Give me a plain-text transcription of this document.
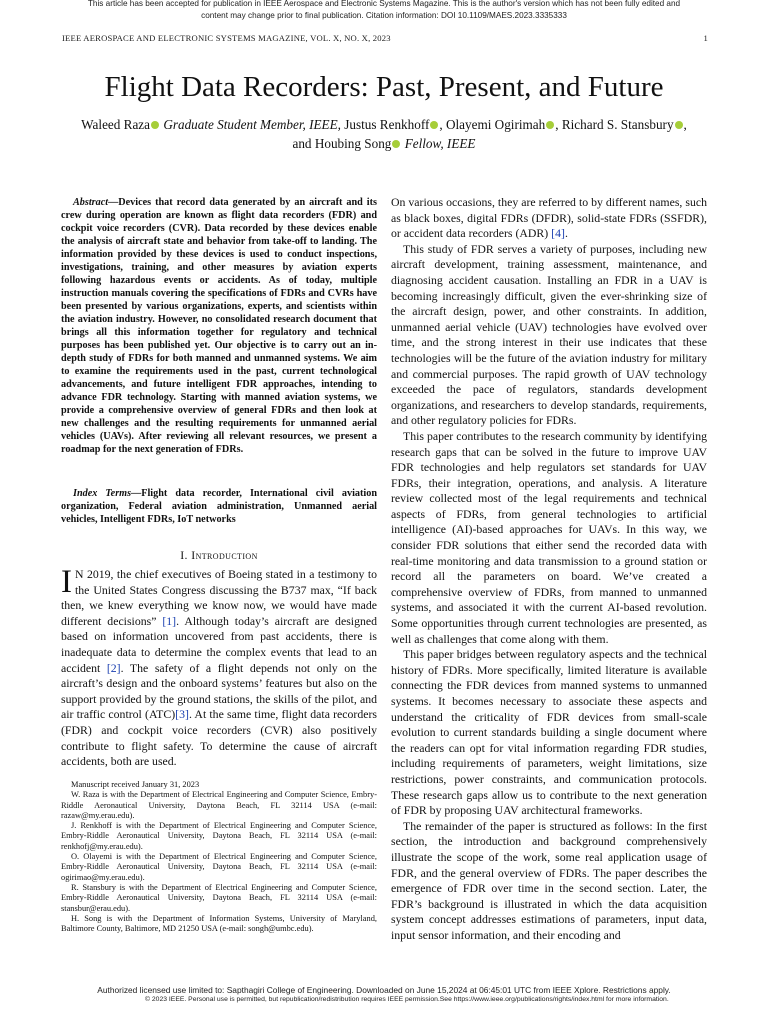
This article has been accepted for publication in IEEE Aerospace and Electronic Systems Magazine. This is the author's version which has not been fully edited and
content may change prior to final publication. Citation information: DOI 10.1109/MAES.2023.3335333
IEEE AEROSPACE AND ELECTRONIC SYSTEMS MAGAZINE, VOL. X, NO. X, 2023	1
Flight Data Recorders: Past, Present, and Future
Waleed Raza Graduate Student Member, IEEE, Justus Renkhoff , Olayemi Ogirimah , Richard S. Stansbury ,
and Houbing Song Fellow, IEEE
Abstract—Devices that record data generated by an aircraft and its crew during operation are known as flight data recorders (FDR) and cockpit voice recorders (CVR). Data recorded by these devices enable the analysis of aircraft state and behavior from take-off to landing. The information provided by these devices is used to conduct inspections, investigations, training, and other measures by aviation experts following hazardous events or accidents. As of today, multiple instruction manuals covering the specifications of FDRs and CVRs have been presented by various organizations, experts, and scientists within the aviation industry. However, no consolidated research document that brings all this information together for regulatory and technical purposes has been published yet. Our objective is to carry out an in-depth study of FDRs for both manned and unmanned systems. We aim to examine the requirements used in the past, current technological advancements, and future intelligent FDR approaches, intending to advance FDR technology. Starting with manned aviation systems, we provide a comprehensive overview of general FDRs and then look at new challenges and the resulting requirements for unmanned aerial vehicles (UAVs). After reviewing all relevant resources, we present a roadmap for the next generation of FDRs.
Index Terms—Flight data recorder, International civil aviation organization, Federal aviation administration, Unmanned aerial vehicles, Intelligent FDRs, IoT networks
I. Introduction
I N 2019, the chief executives of Boeing stated in a testimony to the United States Congress discussing the B737 max, “If back then, we knew everything we know now, we would have made different decisions” [1]. Although today’s aircraft are designed based on information uncovered from past accidents, there is inadequate data to determine the complex events that lead to an accident [2]. The safety of a flight depends not only on the aircraft’s design and the onboard systems’ features but also on the support provided by the ground stations, the skills of the pilot, and air traffic control (ATC)[3]. At the same time, flight data recorders (FDR) and cockpit voice recorders (CVR) also positively contribute to flight safety. To determine the cause of aircraft accidents, both are used.

Manuscript received January 31, 2023

W. Raza is with the Department of Electrical Engineering and Computer Science, Embry-Riddle Aeronautical University, Daytona Beach, FL 32114 USA (e-mail: razaw@my.erau.edu).

J. Renkhoff is with the Department of Electrical Engineering and Computer Science, Embry-Riddle Aeronautical University, Daytona Beach, FL 32114 USA (e-mail: renkhofj@my.erau.edu).

O. Olayemi is with the Department of Electrical Engineering and Computer Science, Embry-Riddle Aeronautical University, Daytona Beach, FL 32114 USA (e-mail: ogirimao@my.erau.edu).

R. Stansbury is with the Department of Electrical Engineering and Computer Science, Embry-Riddle Aeronautical University, Daytona Beach, FL 32114 USA (e-mail: stansbur@erau.edu).

H. Song is with the Department of Information Systems, University of Maryland, Baltimore County, Baltimore, MD 21250 USA (e-mail: songh@umbc.edu).

On various occasions, they are referred to by different names, such as black boxes, digital FDRs (DFDR), solid-state FDRs (SSFDR), or accident data recorders (ADR) [4].

This study of FDR serves a variety of purposes, including new aircraft development, training assessment, maintenance, and diagnosing accident causation. Installing an FDR in a UAV is becoming increasingly difficult, given the ever-shrinking size of the aircraft design, power, and other constraints. In addition, unmanned aerial vehicle (UAV) technologies have evolved over time, and the strong interest in their use indicates that these technologies will be the future of the aviation industry for military and commercial purposes. The rapid growth of UAV technology exceeded the pace of regulators, standards development organizations, and researchers to develop standards, requirements, and other regulatory policies for FDRs.

This paper contributes to the research community by identifying research gaps that can be solved in the future to improve UAV FDR technologies and help regulators set standards for UAV FDRs, their integration, operations, and analysis. A literature review collected most of the legal requirements and technical aspects of FDRs, from general technologies to artificial intelligence (AI)-based approaches for UAVs. In this way, we consider FDR solutions that either send the recorded data with real-time monitoring and data transmission to a ground station or record all the parameters on board. We’ve created a comprehensive overview of FDRs, from manned to unmanned systems, and associated it with the current AI-based revolution. Some opportunities through current technologies are presented, as well as challenges that come along with them.

This paper bridges between regulatory aspects and the technical history of FDRs. More specifically, limited literature is available connecting the FDR devices from manned systems to unmanned systems. It becomes necessary to associate these aspects and understand the criticality of FDR devices from small-scale evolution to current standards building a single document where the readers can opt for vital information regarding FDR studies, including requirements of parameters, weight limitations, size restrictions, power constraints, and communication protocols. These research gaps allow us to contribute to the next generation of FDR by proposing UAV architectural frameworks.

The remainder of the paper is structured as follows: In the first section, the introduction and background comprehensively illustrate the scope of the work, some real application usage of FDR, and the general overview of FDRs. The paper describes the emergence of FDR over time in the second section. Later, the FDR’s background is illustrated in which the data acquisition system concept addresses estimations of parameters, input data, input sensor information, and their encoding and

Authorized licensed use limited to: Sapthagiri College of Engineering. Downloaded on June 15,2024 at 06:45:01 UTC from IEEE Xplore. Restrictions apply.
© 2023 IEEE. Personal use is permitted, but republication/redistribution requires IEEE permission.See https://www.ieee.org/publications/rights/index.html for more information.
